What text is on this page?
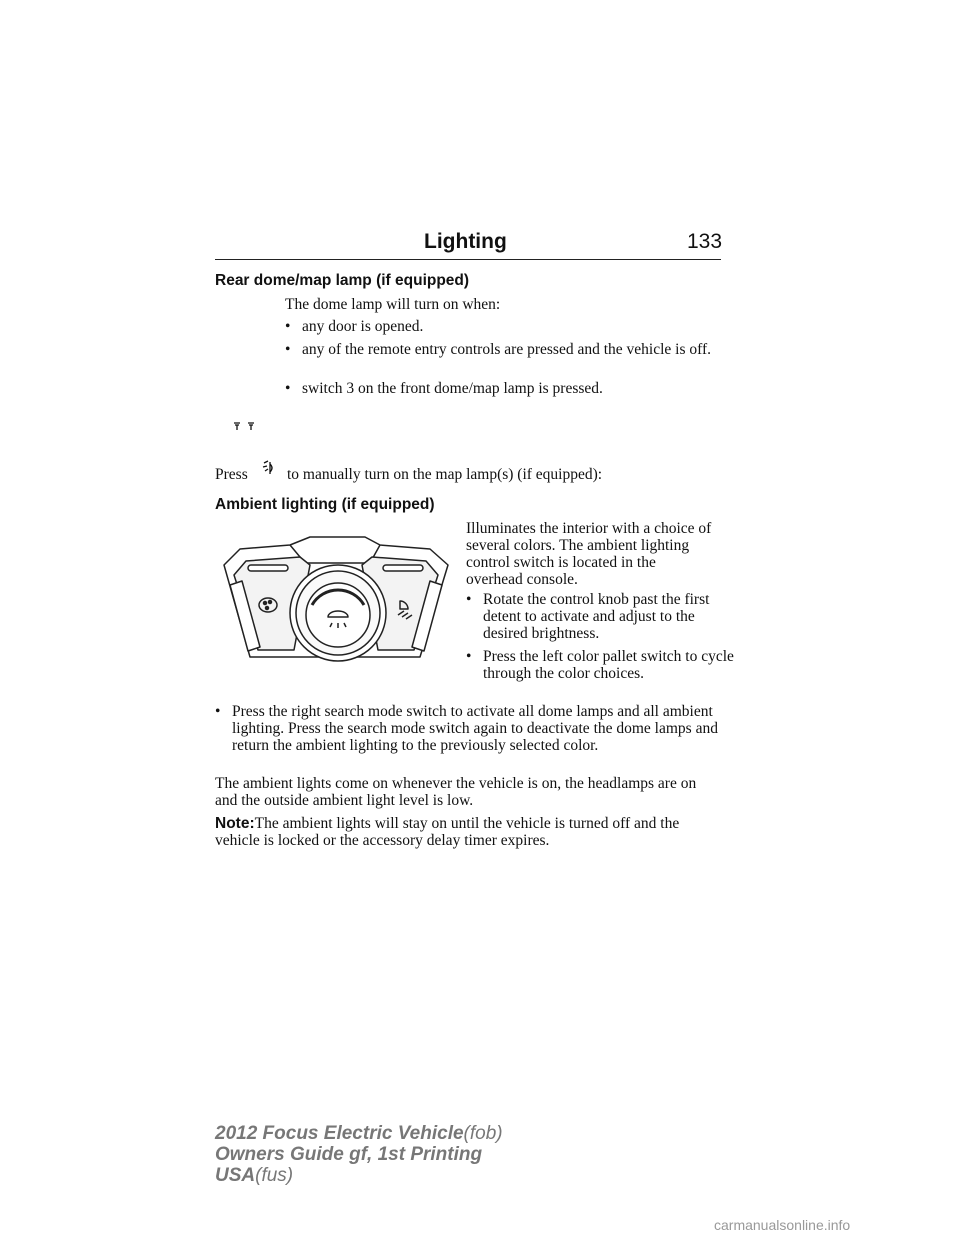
Lighting	133
Rear dome/map lamp (if equipped)
The dome lamp will turn on when:
• any door is opened.
• any of the remote entry controls are pressed and the vehicle is off.
• switch 3 on the front dome/map lamp is pressed.
Press	to manually turn on the map lamp(s) (if equipped):
Ambient lighting (if equipped)
Illuminates the interior with a choice of several colors. The ambient lighting control switch is located in the overhead console.
• Rotate the control knob past the first detent to activate and adjust to the desired brightness.
• Press the left color pallet switch to cycle through the color choices.
• Press the right search mode switch to activate all dome lamps and all ambient lighting. Press the search mode switch again to deactivate the dome lamps and return the ambient lighting to the previously selected color.
The ambient lights come on whenever the vehicle is on, the headlamps are on and the outside ambient light level is low.
Note:The ambient lights will stay on until the vehicle is turned off and the vehicle is locked or the accessory delay timer expires.
2012 Focus Electric Vehicle(fob)
Owners Guide gf, 1st Printing
USA(fus)
carmanualsonline.info
